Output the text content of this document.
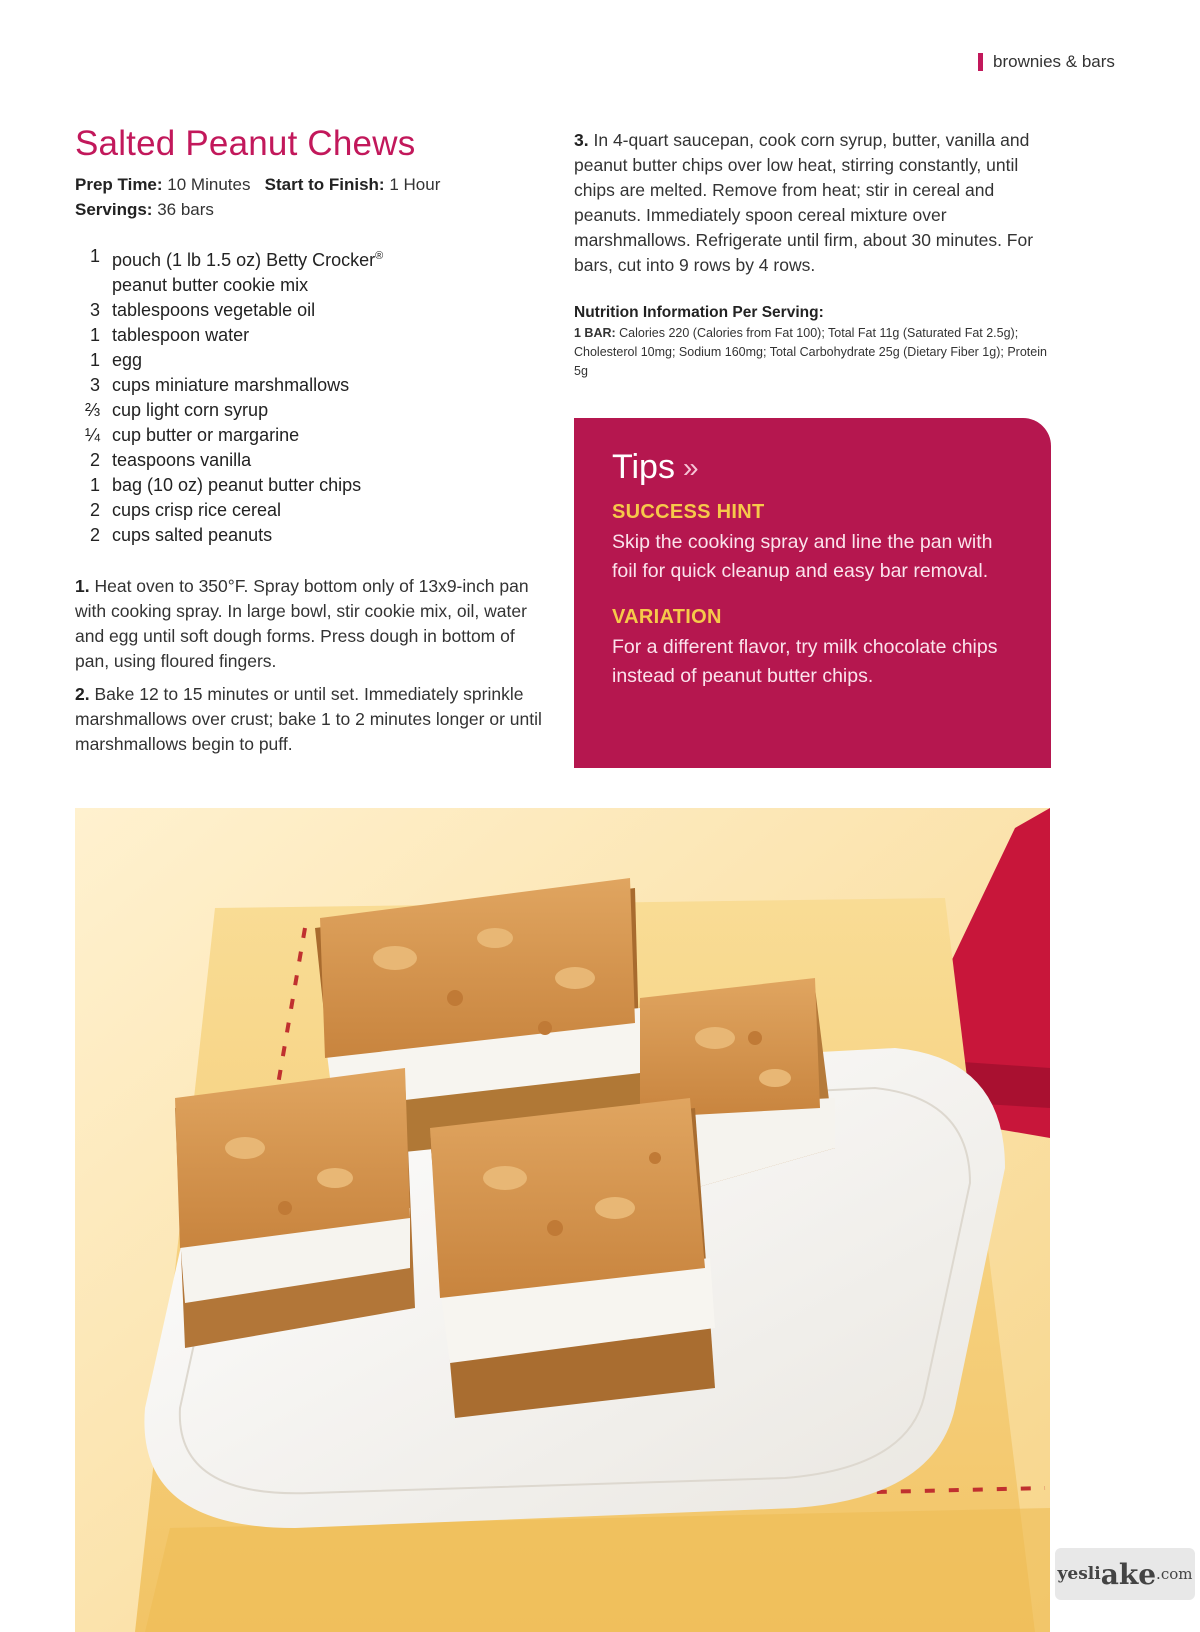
brownies & bars
Salted Peanut Chews
Prep Time: 10 Minutes Start to Finish: 1 Hour
Servings: 36 bars
1 pouch (1 lb 1.5 oz) Betty Crocker®
peanut butter cookie mix
3 tablespoons vegetable oil
1 tablespoon water
1 egg
3 cups miniature marshmallows
⅔ cup light corn syrup
¼ cup butter or margarine
2 teaspoons vanilla
1 bag (10 oz) peanut butter chips
2 cups crisp rice cereal
2 cups salted peanuts

1. Heat oven to 350°F. Spray bottom only of 13x9-inch pan with cooking spray. In large bowl, stir cookie mix, oil, water and egg until soft dough forms. Press dough in bottom of pan, using floured fingers.

2. Bake 12 to 15 minutes or until set. Immediately sprinkle marshmallows over crust; bake 1 to 2 minutes longer or until marshmallows begin to puff.

3. In 4-quart saucepan, cook corn syrup, butter, vanilla and peanut butter chips over low heat, stirring constantly, until chips are melted. Remove from heat; stir in cereal and peanuts. Immediately spoon cereal mixture over marshmallows. Refrigerate until firm, about 30 minutes. For bars, cut into 9 rows by 4 rows.

Nutrition Information Per Serving:
1 BAR: Calories 220 (Calories from Fat 100); Total Fat 11g (Saturated Fat 2.5g); Cholesterol 10mg; Sodium 160mg; Total Carbohydrate 25g (Dietary Fiber 1g); Protein 5g
Tips »
SUCCESS HINT
Skip the cooking spray and line the pan with foil for quick cleanup and easy bar removal.
VARIATION
For a different flavor, try milk chocolate chips instead of peanut butter chips.
yesli ake .com
